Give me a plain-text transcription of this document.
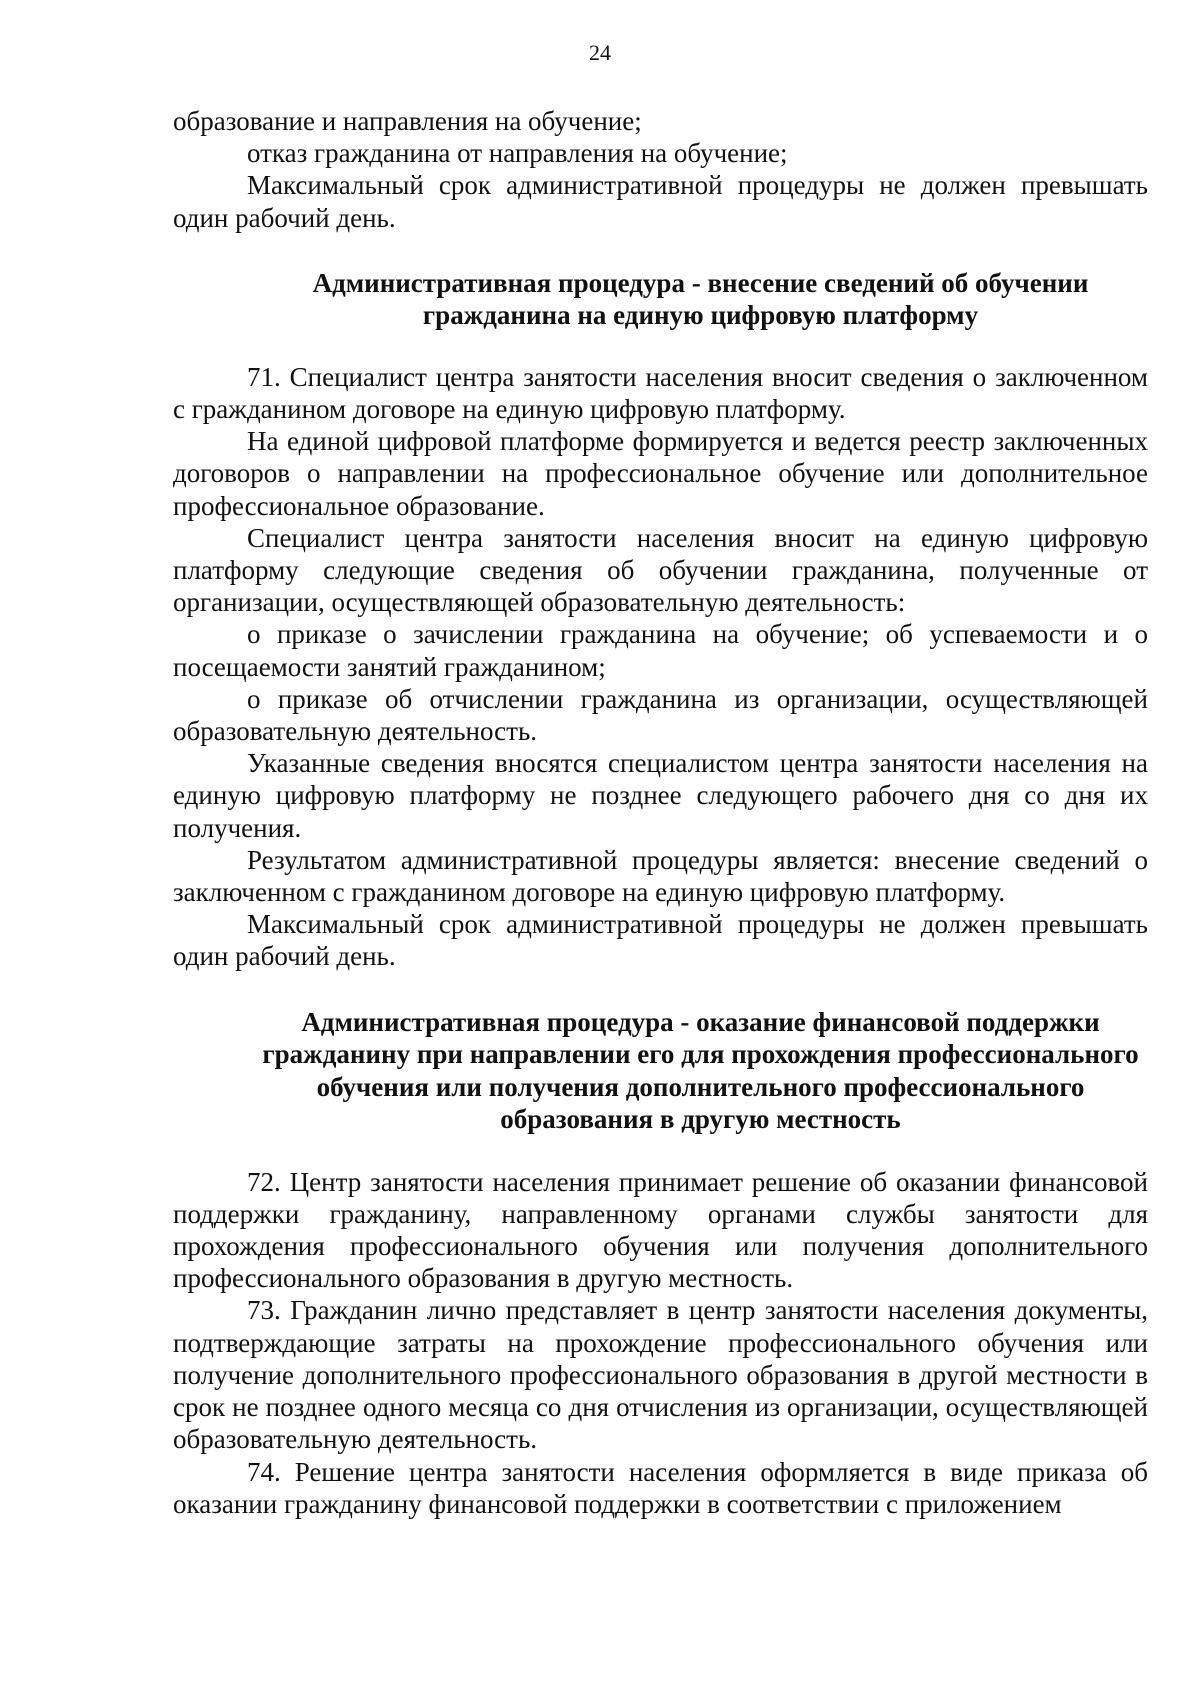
24

образование и направления на обучение;

отказ гражданина от направления на обучение;

Максимальный срок административной процедуры не должен превышать один рабочий день.

Административная процедура - внесение сведений об обучении гражданина на единую цифровую платформу

71. Специалист центра занятости населения вносит сведения о заключенном с гражданином договоре на единую цифровую платформу.

На единой цифровой платформе формируется и ведется реестр заключенных договоров о направлении на профессиональное обучение или дополнительное профессиональное образование.

Специалист центра занятости населения вносит на единую цифровую платформу следующие сведения об обучении гражданина, полученные от организации, осуществляющей образовательную деятельность:

о приказе о зачислении гражданина на обучение; об успеваемости и о посещаемости занятий гражданином;

о приказе об отчислении гражданина из организации, осуществляющей образовательную деятельность.

Указанные сведения вносятся специалистом центра занятости населения на единую цифровую платформу не позднее следующего рабочего дня со дня их получения.

Результатом административной процедуры является: внесение сведений о заключенном с гражданином договоре на единую цифровую платформу.

Максимальный срок административной процедуры не должен превышать один рабочий день.

Административная процедура - оказание финансовой поддержки гражданину при направлении его для прохождения профессионального обучения или получения дополнительного профессионального образования в другую местность

72. Центр занятости населения принимает решение об оказании финансовой поддержки гражданину, направленному органами службы занятости для прохождения профессионального обучения или получения дополнительного профессионального образования в другую местность.

73. Гражданин лично представляет в центр занятости населения документы, подтверждающие затраты на прохождение профессионального обучения или получение дополнительного профессионального образования в другой местности в срок не позднее одного месяца со дня отчисления из организации, осуществляющей образовательную деятельность.

74. Решение центра занятости населения оформляется в виде приказа об оказании гражданину финансовой поддержки в соответствии с приложением
